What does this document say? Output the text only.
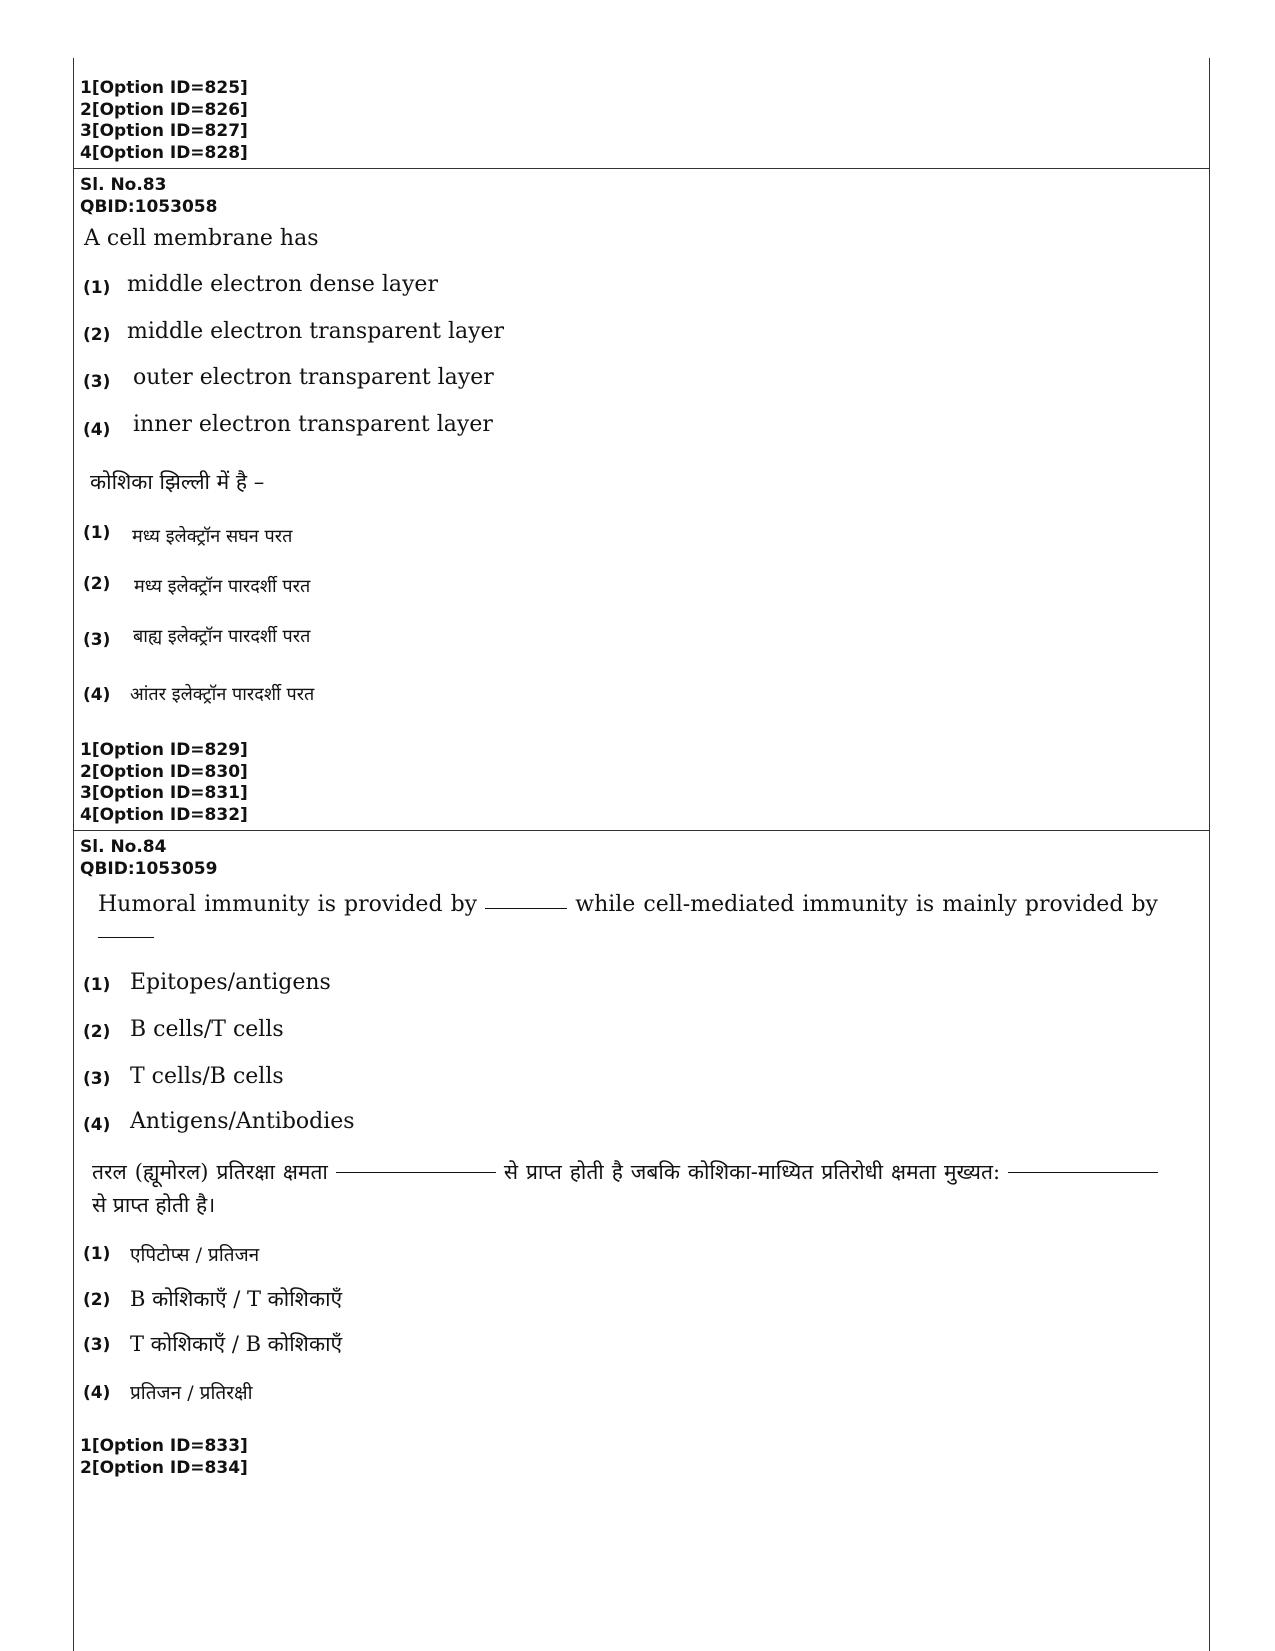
1[Option ID=825]
2[Option ID=826]
3[Option ID=827]
4[Option ID=828]
Sl. No.83
QBID:1053058
A cell membrane has
(1) middle electron dense layer
(2) middle electron transparent layer
(3) outer electron transparent layer
(4) inner electron transparent layer
कोशिका झिल्ली में है –
(1) मध्य इलेक्ट्रॉन सघन परत
(2) मध्य इलेक्ट्रॉन पारदर्शी परत
(3) बाह्य इलेक्ट्रॉन पारदर्शी परत
(4) आंतर इलेक्ट्रॉन पारदर्शी परत
1[Option ID=829]
2[Option ID=830]
3[Option ID=831]
4[Option ID=832]
Sl. No.84
QBID:1053059
Humoral immunity is provided by	while cell-mediated immunity is mainly provided by
(1) Epitopes/antigens
(2) B cells/T cells
(3) T cells/B cells
(4) Antigens/Antibodies
तरल (ह्यूमोरल) प्रतिरक्षा क्षमता	से प्राप्त होती है जबकि कोशिका-माध्यित प्रतिरोधी क्षमता मुख्यत:  से प्राप्त होती है।
(1) एपिटोप्स / प्रतिजन
(2) B कोशिकाएँ / T कोशिकाएँ
(3) T कोशिकाएँ / B कोशिकाएँ
(4) प्रतिजन / प्रतिरक्षी
1[Option ID=833]
2[Option ID=834]
